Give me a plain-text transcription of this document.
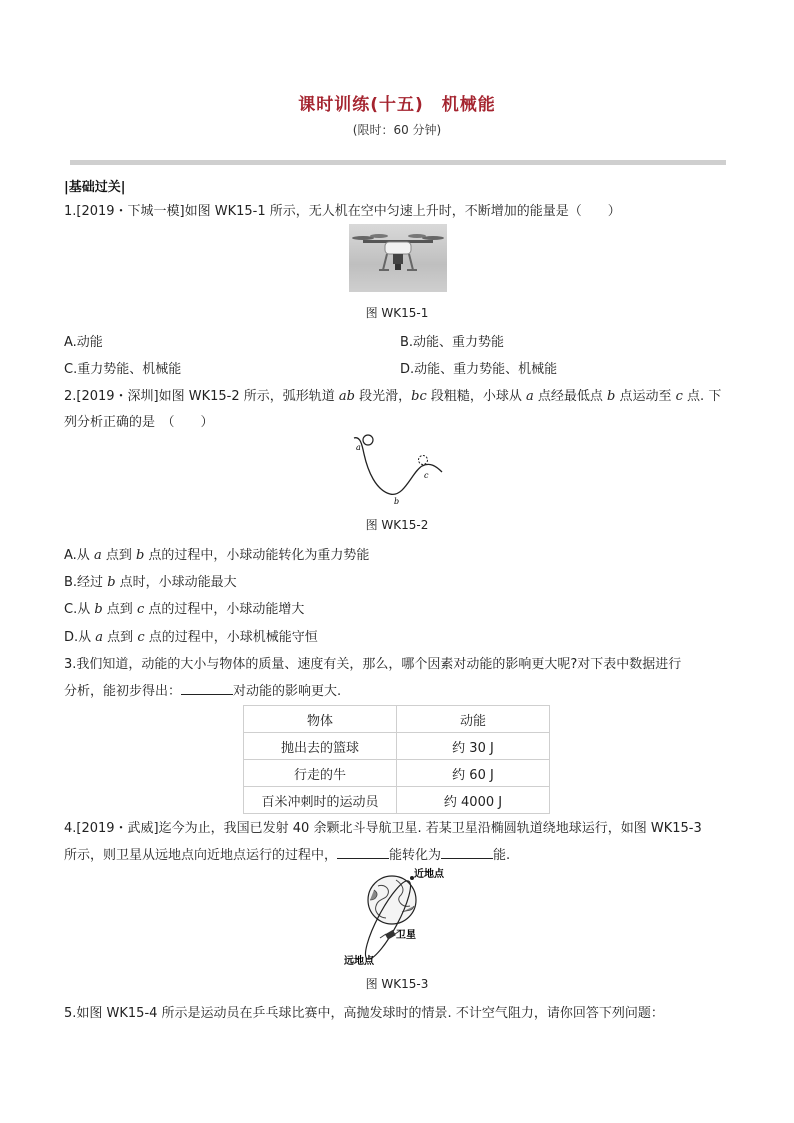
课时训练(十五)　机械能
(限时：60 分钟)
|基础过关|
1.[2019・下城一模]如图 WK15-1 所示，无人机在空中匀速上升时，不断增加的能量是（　　）
图 WK15-1
A.动能	B.动能、重力势能
C.重力势能、机械能	D.动能、重力势能、机械能
2.[2019・深圳]如图 WK15-2 所示，弧形轨道 ab 段光滑，bc 段粗糙，小球从 a 点经最低点 b 点运动至 c 点. 下
列分析正确的是　（　　）
a
b
c
图 WK15-2
A.从 a 点到 b 点的过程中，小球动能转化为重力势能
B.经过 b 点时，小球动能最大
C.从 b 点到 c 点的过程中，小球动能增大
D.从 a 点到 c 点的过程中，小球机械能守恒
3.我们知道，动能的大小与物体的质量、速度有关，那么，哪个因素对动能的影响更大呢?对下表中数据进行
分析，能初步得出：	对动能的影响更大.
物体	动能
抛出去的篮球	约 30 J
行走的牛	约 60 J
百米冲刺时的运动员	约 4000 J
4.[2019・武威]迄今为止，我国已发射 40 余颗北斗导航卫星. 若某卫星沿椭圆轨道绕地球运行，如图 WK15-3
所示，则卫星从远地点向近地点运行的过程中，	能转化为	能.
近地点
卫星
远地点
图 WK15-3
5.如图 WK15-4 所示是运动员在乒乓球比赛中，高抛发球时的情景. 不计空气阻力，请你回答下列问题：
